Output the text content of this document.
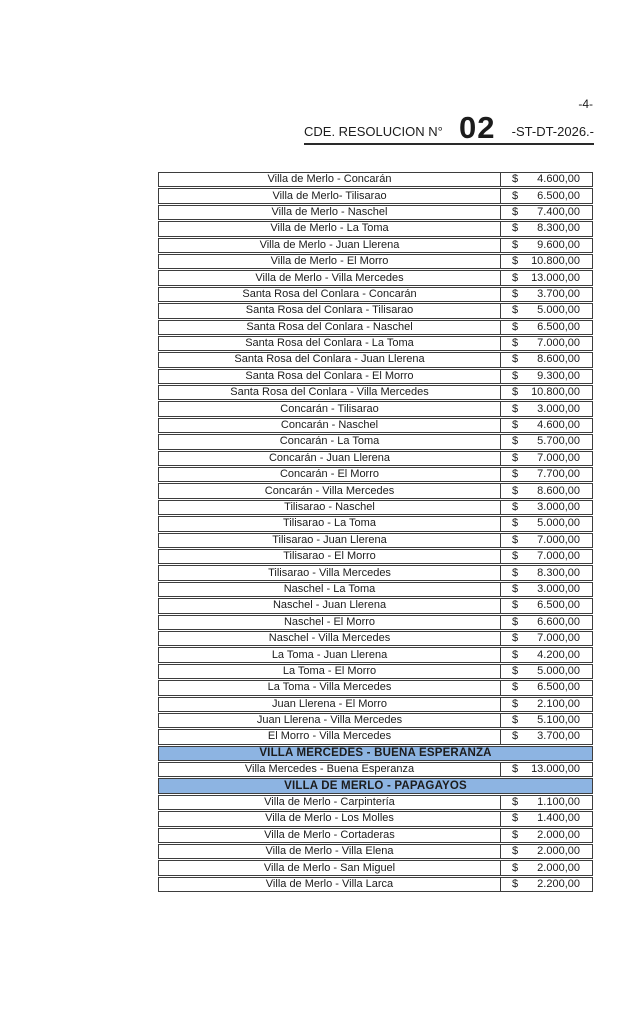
-4-
CDE. RESOLUCION N° 02 -ST-DT-2026.-
Villa de Merlo - Concarán	$	4.600,00
Villa de Merlo- Tilisarao	$	6.500,00
Villa de Merlo - Naschel	$	7.400,00
Villa de Merlo - La Toma	$	8.300,00
Villa de Merlo - Juan Llerena	$	9.600,00
Villa de Merlo - El Morro	$	10.800,00
Villa de Merlo - Villa Mercedes	$	13.000,00
Santa Rosa del Conlara - Concarán	$	3.700,00
Santa Rosa del Conlara - Tilisarao	$	5.000,00
Santa Rosa del Conlara - Naschel	$	6.500,00
Santa Rosa del Conlara - La Toma	$	7.000,00
Santa Rosa del Conlara - Juan Llerena	$	8.600,00
Santa Rosa del Conlara - El Morro	$	9.300,00
Santa Rosa del Conlara - Villa Mercedes	$	10.800,00
Concarán - Tilisarao	$	3.000,00
Concarán - Naschel	$	4.600,00
Concarán - La Toma	$	5.700,00
Concarán - Juan Llerena	$	7.000,00
Concarán - El Morro	$	7.700,00
Concarán - Villa Mercedes	$	8.600,00
Tilisarao - Naschel	$	3.000,00
Tilisarao - La Toma	$	5.000,00
Tilisarao - Juan Llerena	$	7.000,00
Tilisarao - El Morro	$	7.000,00
Tilisarao - Villa Mercedes	$	8.300,00
Naschel - La Toma	$	3.000,00
Naschel - Juan Llerena	$	6.500,00
Naschel - El Morro	$	6.600,00
Naschel - Villa Mercedes	$	7.000,00
La Toma - Juan Llerena	$	4.200,00
La Toma - El Morro	$	5.000,00
La Toma - Villa Mercedes	$	6.500,00
Juan Llerena - El Morro	$	2.100,00
Juan Llerena - Villa Mercedes	$	5.100,00
El Morro - Villa Mercedes	$	3.700,00
VILLA MERCEDES - BUENA ESPERANZA
Villa Mercedes - Buena Esperanza	$	13.000,00
VILLA DE MERLO - PAPAGAYOS
Villa de Merlo - Carpintería	$	1.100,00
Villa de Merlo - Los Molles	$	1.400,00
Villa de Merlo - Cortaderas	$	2.000,00
Villa de Merlo - Villa Elena	$	2.000,00
Villa de Merlo - San Miguel	$	2.000,00
Villa de Merlo - Villa Larca	$	2.200,00
